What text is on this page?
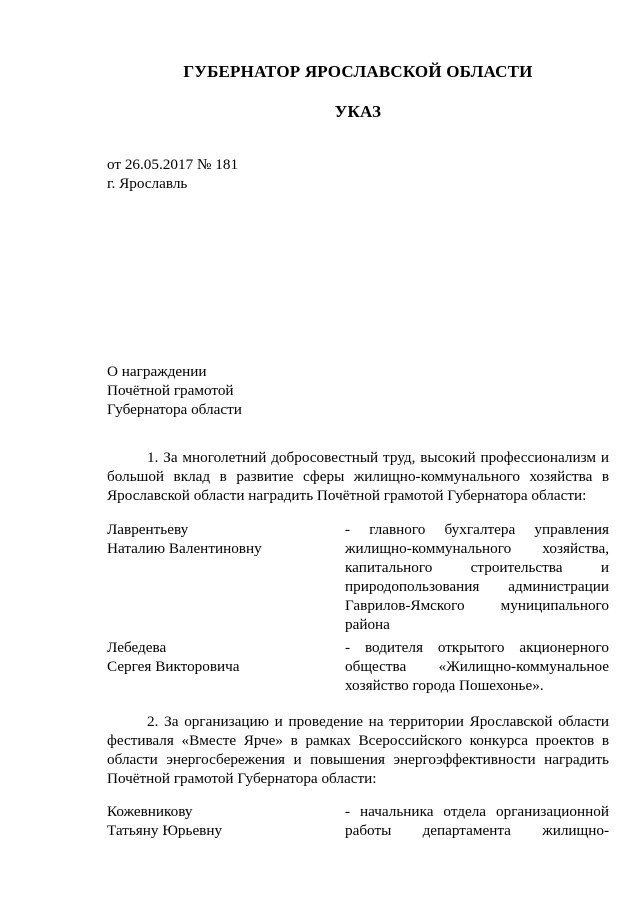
ГУБЕРНАТОР ЯРОСЛАВСКОЙ ОБЛАСТИ
УКАЗ
от 26.05.2017 № 181
г. Ярославль
О награждении
Почётной грамотой
Губернатора области
1. За многолетний добросовестный труд, высокий профессионализм и большой вклад в развитие сферы жилищно-коммунального хозяйства в Ярославской области наградить Почётной грамотой Губернатора области:
Лаврентьеву
Наталию Валентиновну
- главного бухгалтера управления жилищно-коммунального хозяйства, капитального строительства и природопользования администрации Гаврилов-Ямского муниципального района
Лебедева
Сергея Викторовича
- водителя открытого акционерного общества «Жилищно-коммунальное хозяйство города Пошехонье».
2. За организацию и проведение на территории Ярославской области фестиваля «Вместе Ярче» в рамках Всероссийского конкурса проектов в области энергосбережения и повышения энергоэффективности наградить Почётной грамотой Губернатора области:
Кожевникову
Татьяну Юрьевну
- начальника отдела организационной работы департамента жилищно-
